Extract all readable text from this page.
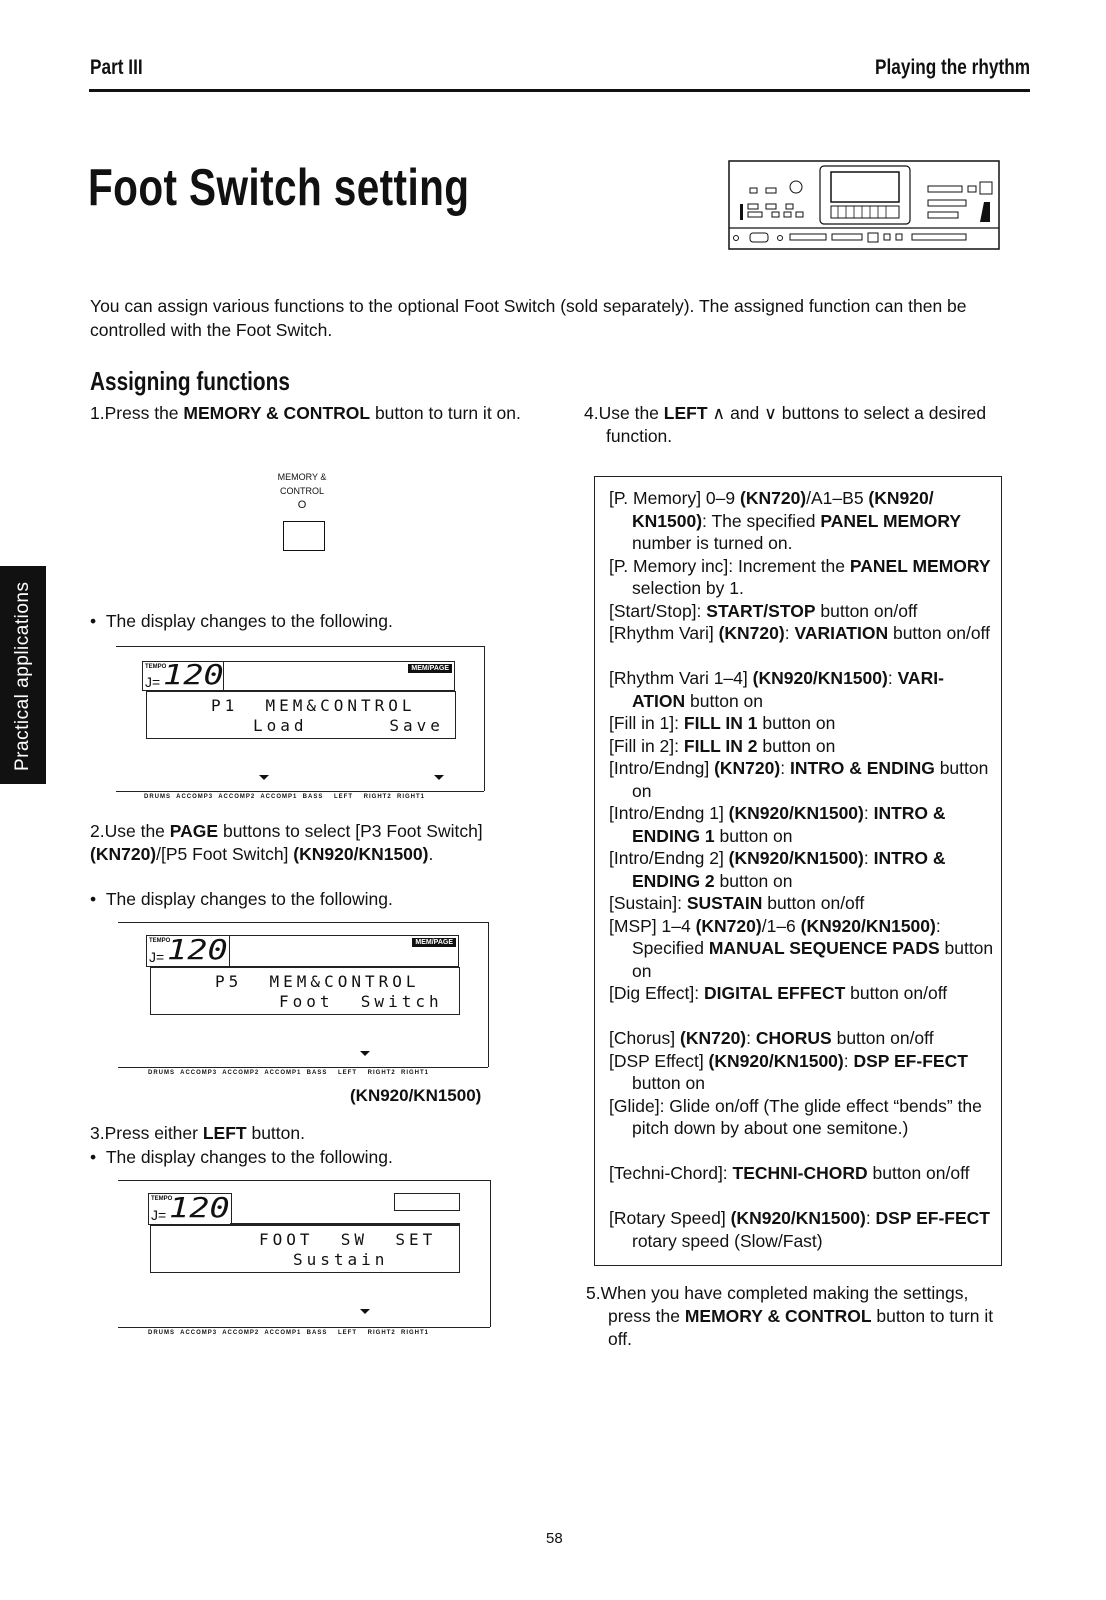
Part III	Playing the rhythm
Foot Switch setting
You can assign various functions to the optional Foot Switch (sold separately). The assigned function can then be controlled with the Foot Switch.
Assigning functions
Practical applications
1.Press the MEMORY & CONTROL button to turn it on.
MEMORY &
CONTROL
O
•  The display changes to the following.
TEMPO
J= 120	MEM/PAGE
P1  MEM&CONTROL
Load      Save
DRUMS  ACCOMP3  ACCOMP2  ACCOMP1  BASS    LEFT    RIGHT2  RIGHT1
2.Use the PAGE buttons to select [P3 Foot Switch] (KN720)/[P5 Foot Switch] (KN920/KN1500).
•  The display changes to the following.
TEMPO
J= 120	MEM/PAGE
P5  MEM&CONTROL
Foot  Switch
DRUMS  ACCOMP3  ACCOMP2  ACCOMP1  BASS    LEFT    RIGHT2  RIGHT1
(KN920/KN1500)
3.Press either LEFT button.
•  The display changes to the following.
TEMPO
J= 120
FOOT  SW  SET
Sustain
DRUMS  ACCOMP3  ACCOMP2  ACCOMP1  BASS    LEFT    RIGHT2  RIGHT1
4.Use the LEFT ∧ and ∨ buttons to select a desired function.
[P. Memory] 0–9 (KN720)/A1–B5 (KN920/ KN1500): The specified PANEL MEMORY number is turned on.
[P. Memory inc]: Increment the PANEL MEMORY selection by 1.
[Start/Stop]: START/STOP button on/off
[Rhythm Vari] (KN720): VARIATION button on/off
[Rhythm Vari 1–4] (KN920/KN1500): VARI-ATION button on
[Fill in 1]: FILL IN 1 button on
[Fill in 2]: FILL IN 2 button on
[Intro/Endng] (KN720): INTRO & ENDING button on
[Intro/Endng 1] (KN920/KN1500): INTRO & ENDING 1 button on
[Intro/Endng 2] (KN920/KN1500): INTRO & ENDING 2 button on
[Sustain]: SUSTAIN button on/off
[MSP] 1–4 (KN720)/1–6 (KN920/KN1500): Specified MANUAL SEQUENCE PADS button on
[Dig Effect]: DIGITAL EFFECT button on/off
[Chorus] (KN720): CHORUS button on/off
[DSP Effect] (KN920/KN1500): DSP EF-FECT button on
[Glide]: Glide on/off (The glide effect “bends” the pitch down by about one semitone.)
[Techni-Chord]: TECHNI-CHORD button on/off
[Rotary Speed] (KN920/KN1500): DSP EF-FECT rotary speed (Slow/Fast)
5.When you have completed making the settings, press the MEMORY & CONTROL button to turn it off.
58
